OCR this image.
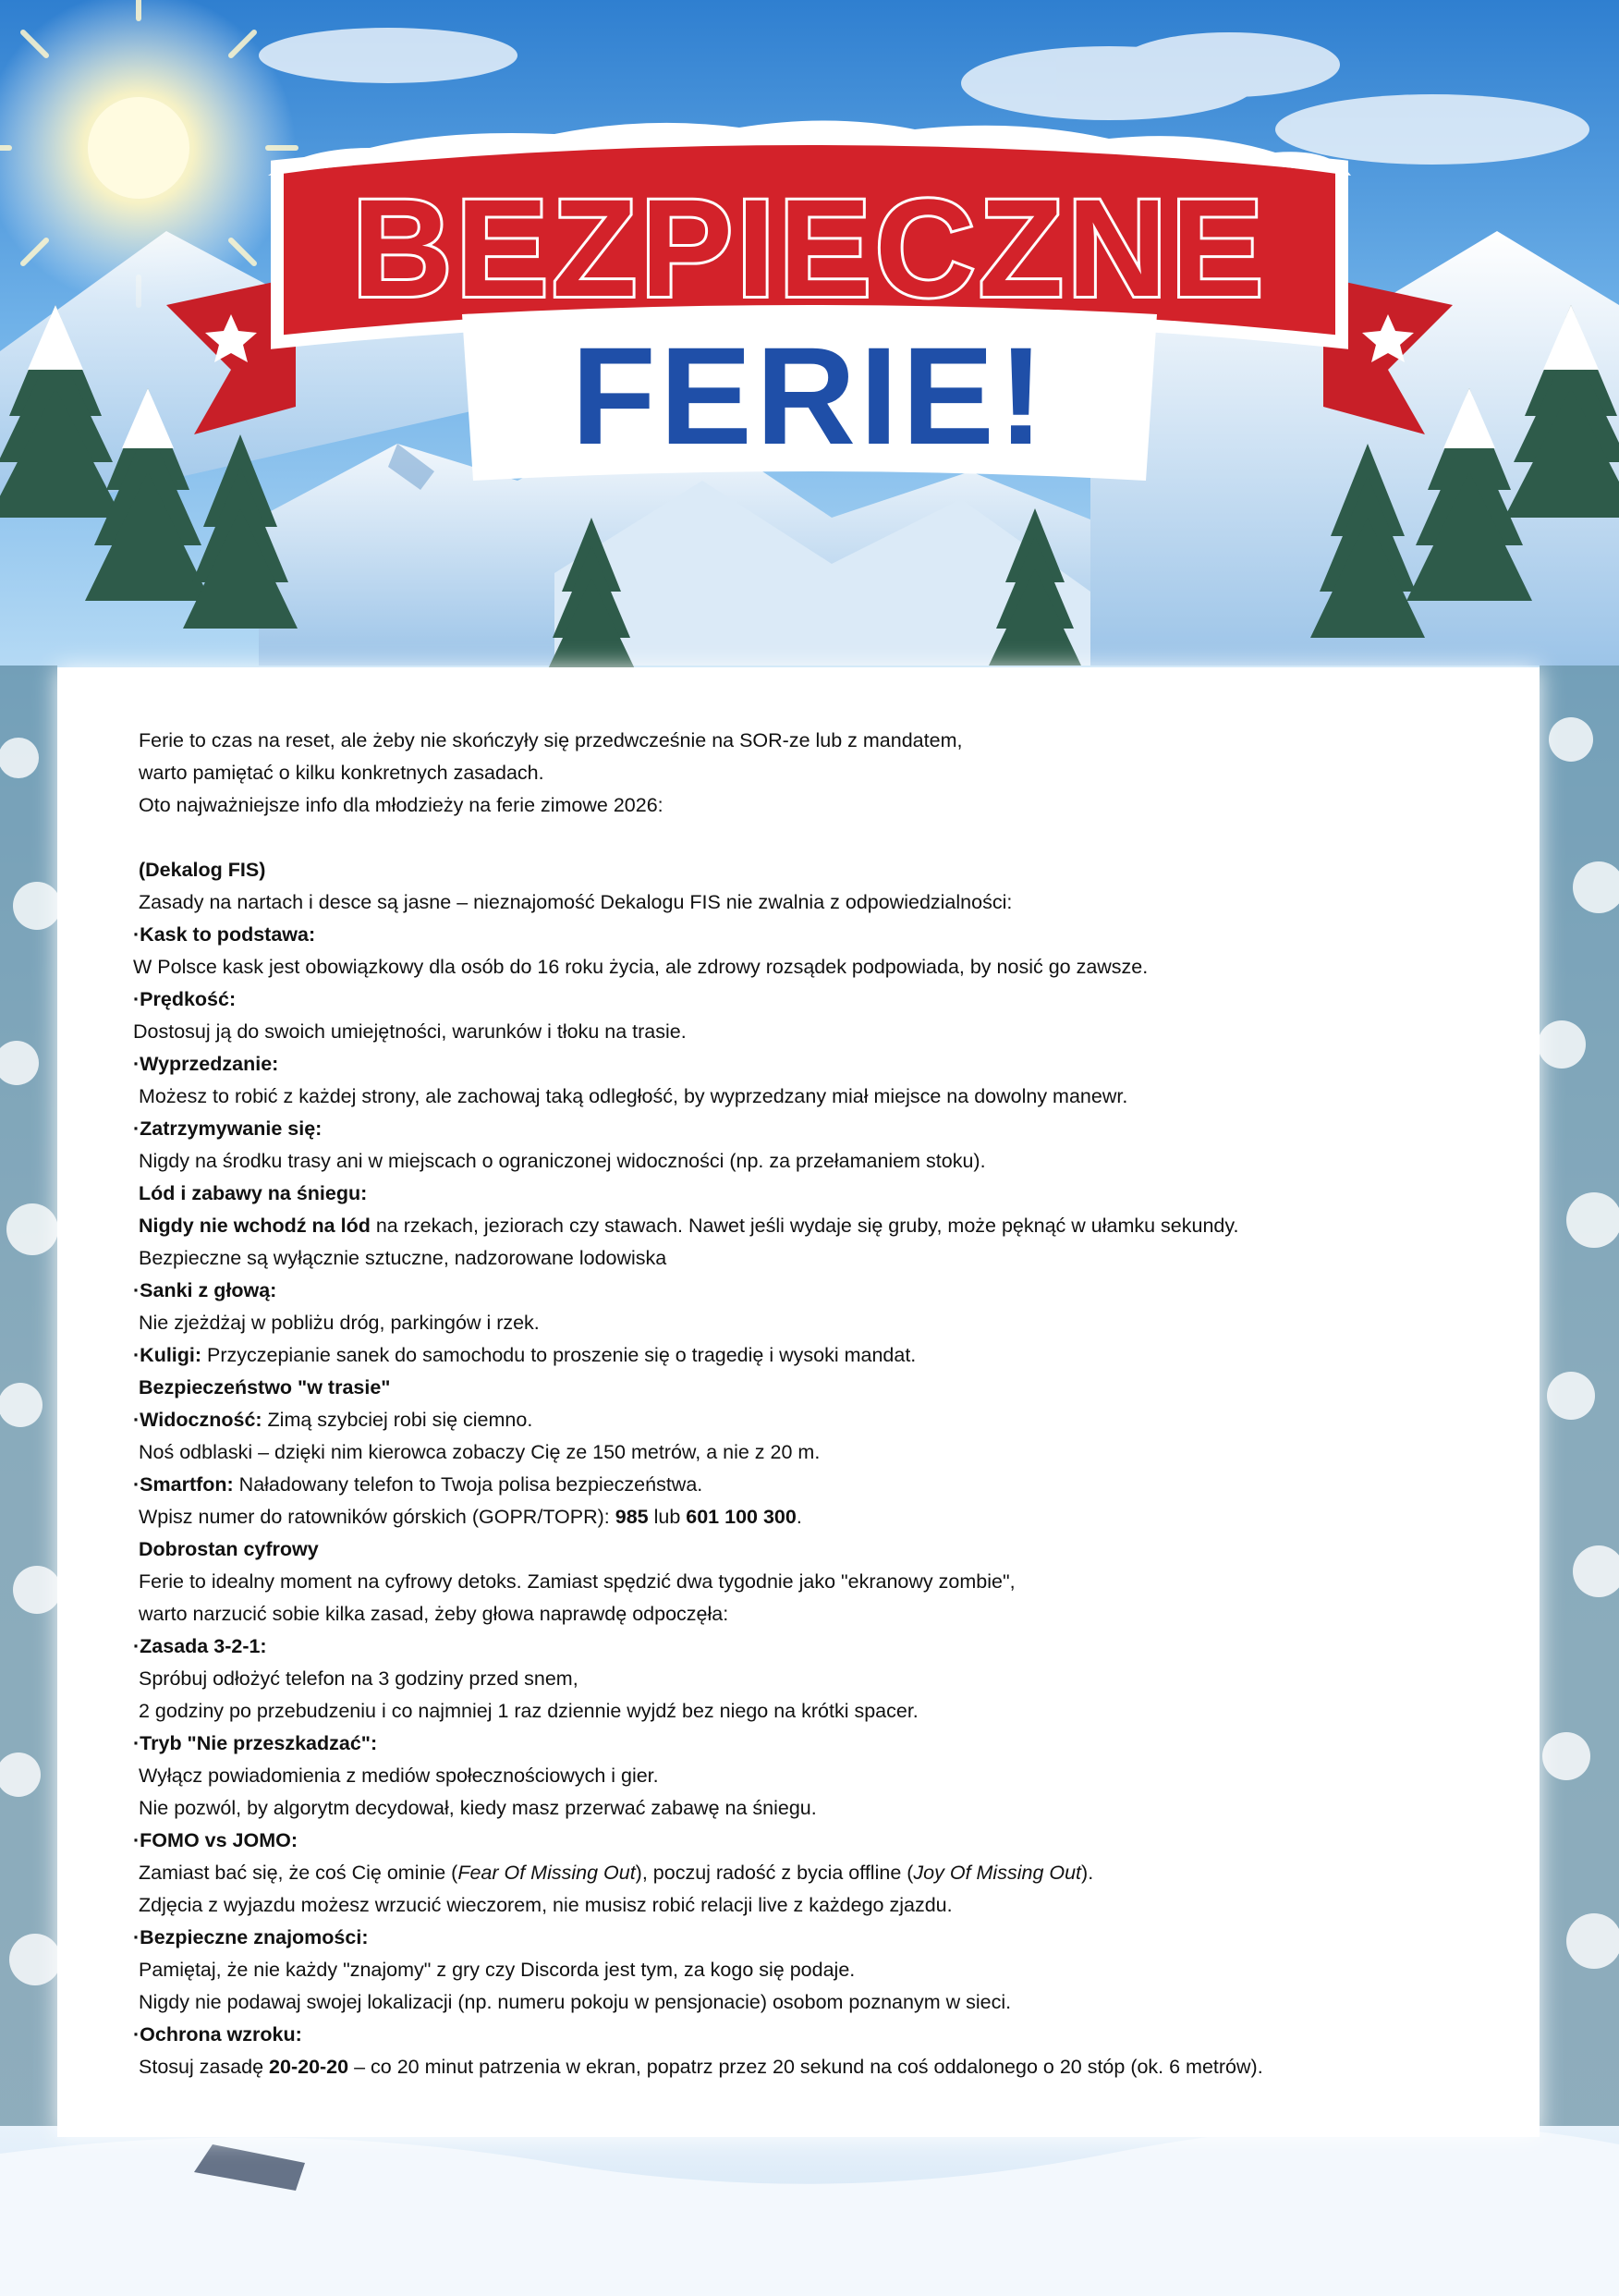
BEZPIECZNE
FERIE!
Ferie to czas na reset, ale żeby nie skończyły się przedwcześnie na SOR-ze lub z mandatem,
warto pamiętać o kilku konkretnych zasadach.
Oto najważniejsze info dla młodzieży na ferie zimowe 2026:
(Dekalog FIS)
Zasady na nartach i desce są jasne – nieznajomość Dekalogu FIS nie zwalnia z odpowiedzialności:
·Kask to podstawa:
W Polsce kask jest obowiązkowy dla osób do 16 roku życia, ale zdrowy rozsądek podpowiada, by nosić go zawsze.
·Prędkość:
Dostosuj ją do swoich umiejętności, warunków i tłoku na trasie.
·Wyprzedzanie:
Możesz to robić z każdej strony, ale zachowaj taką odległość, by wyprzedzany miał miejsce na dowolny manewr.
·Zatrzymywanie się:
Nigdy na środku trasy ani w miejscach o ograniczonej widoczności (np. za przełamaniem stoku).
Lód i zabawy na śniegu:
Nigdy nie wchodź na lód na rzekach, jeziorach czy stawach. Nawet jeśli wydaje się gruby, może pęknąć w ułamku sekundy.
Bezpieczne są wyłącznie sztuczne, nadzorowane lodowiska
·Sanki z głową:
Nie zjeżdżaj w pobliżu dróg, parkingów i rzek.
·Kuligi: Przyczepianie sanek do samochodu to proszenie się o tragedię i wysoki mandat.
Bezpieczeństwo "w trasie"
·Widoczność: Zimą szybciej robi się ciemno.
Noś odblaski – dzięki nim kierowca zobaczy Cię ze 150 metrów, a nie z 20 m.
·Smartfon: Naładowany telefon to Twoja polisa bezpieczeństwa.
Wpisz numer do ratowników górskich (GOPR/TOPR): 985 lub 601 100 300.
Dobrostan cyfrowy
Ferie to idealny moment na cyfrowy detoks. Zamiast spędzić dwa tygodnie jako "ekranowy zombie",
warto narzucić sobie kilka zasad, żeby głowa naprawdę odpoczęła:
·Zasada 3-2-1:
Spróbuj odłożyć telefon na 3 godziny przed snem,
2 godziny po przebudzeniu i co najmniej 1 raz dziennie wyjdź bez niego na krótki spacer.
·Tryb "Nie przeszkadzać":
Wyłącz powiadomienia z mediów społecznościowych i gier.
Nie pozwól, by algorytm decydował, kiedy masz przerwać zabawę na śniegu.
·FOMO vs JOMO:
Zamiast bać się, że coś Cię ominie (Fear Of Missing Out), poczuj radość z bycia offline (Joy Of Missing Out).
Zdjęcia z wyjazdu możesz wrzucić wieczorem, nie musisz robić relacji live z każdego zjazdu.
·Bezpieczne znajomości:
Pamiętaj, że nie każdy "znajomy" z gry czy Discorda jest tym, za kogo się podaje.
Nigdy nie podawaj swojej lokalizacji (np. numeru pokoju w pensjonacie) osobom poznanym w sieci.
·Ochrona wzroku:
Stosuj zasadę 20-20-20 – co 20 minut patrzenia w ekran, popatrz przez 20 sekund na coś oddalonego o 20 stóp (ok. 6 metrów).
